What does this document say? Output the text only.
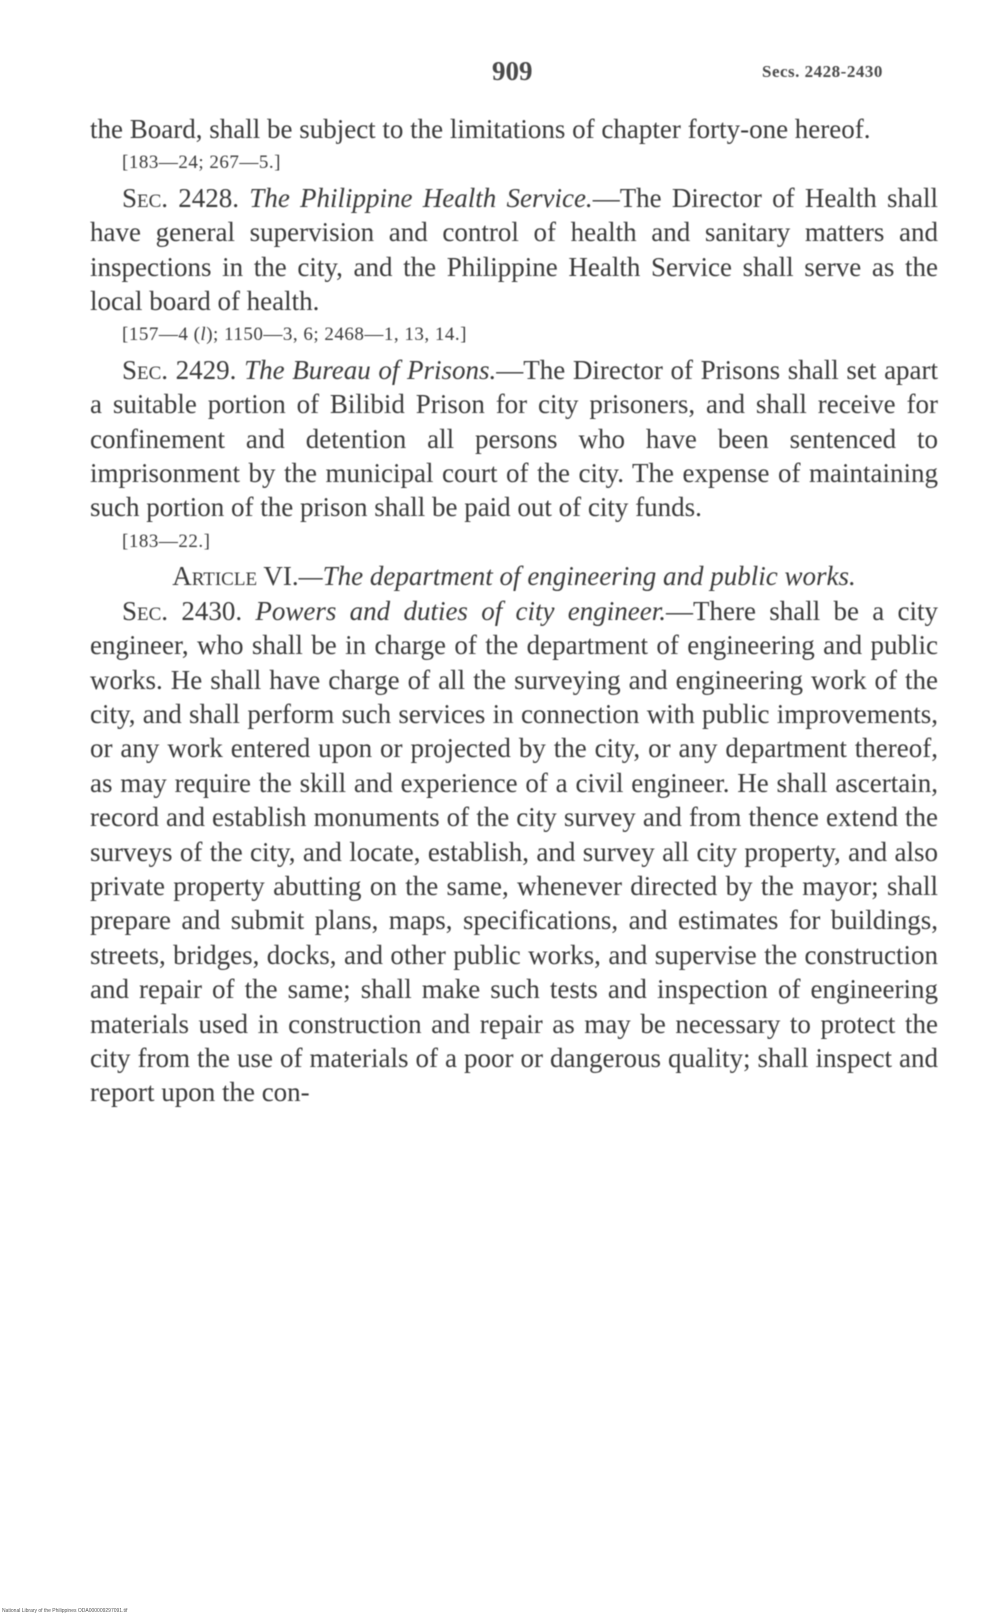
909	Secs. 2428-2430

the Board, shall be subject to the limitations of chapter forty-one hereof.

[183—24; 267—5.]

Sec. 2428. The Philippine Health Service.—The Director of Health shall have general supervision and control of health and sanitary matters and inspections in the city, and the Philippine Health Service shall serve as the local board of health.

[157—4 (l); 1150—3, 6; 2468—1, 13, 14.]

Sec. 2429. The Bureau of Prisons.—The Director of Prisons shall set apart a suitable portion of Bilibid Prison for city prisoners, and shall receive for confinement and detention all persons who have been sentenced to imprisonment by the municipal court of the city. The expense of maintaining such portion of the prison shall be paid out of city funds.

[183—22.]

Article VI.—The department of engineering and public works.

Sec. 2430. Powers and duties of city engineer.—There shall be a city engineer, who shall be in charge of the department of engineering and public works. He shall have charge of all the surveying and engineering work of the city, and shall perform such services in connection with public improvements, or any work entered upon or projected by the city, or any department thereof, as may require the skill and experience of a civil engineer. He shall ascertain, record and establish monuments of the city survey and from thence extend the surveys of the city, and locate, establish, and survey all city property, and also private property abutting on the same, whenever directed by the mayor; shall prepare and submit plans, maps, specifications, and estimates for buildings, streets, bridges, docks, and other public works, and supervise the construction and repair of the same; shall make such tests and inspection of engineering materials used in construction and repair as may be necessary to protect the city from the use of materials of a poor or dangerous quality; shall inspect and report upon the con-

National Library of the Philippines ODA000009297091.tif
